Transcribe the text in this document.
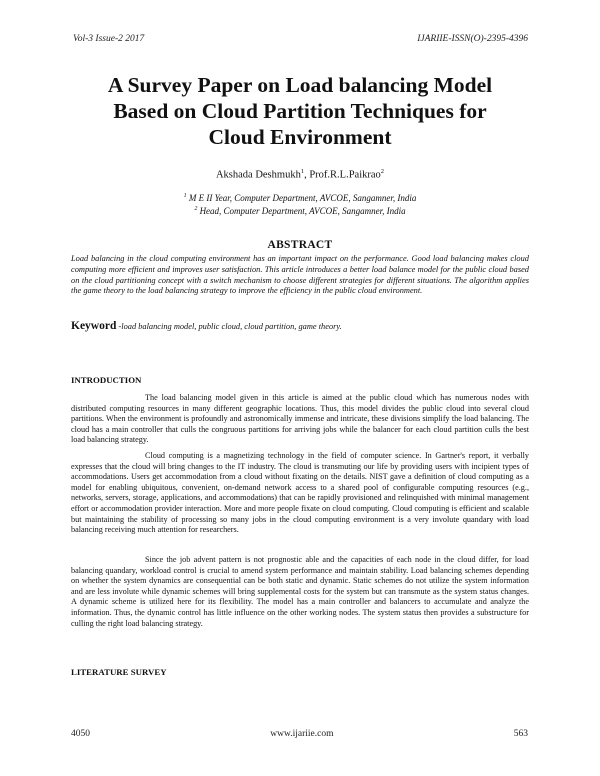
Vol-3 Issue-2 2017	IJARIIE-ISSN(O)-2395-4396
A Survey Paper on Load balancing Model
Based on Cloud Partition Techniques for
Cloud Environment
Akshada Deshmukh$^1$, Prof.R.L.Paikrao$^2$
$^1$ M E II Year, Computer Department, AVCOE, Sangamner, India
$^2$ Head, Computer Department, AVCOE, Sangamner, India
ABSTRACT
Load balancing in the cloud computing environment has an important impact on the performance. Good load balancing makes cloud computing more efficient and improves user satisfaction. This article introduces a better load balance model for the public cloud based on the cloud partitioning concept with a switch mechanism to choose different strategies for different situations. The algorithm applies the game theory to the load balancing strategy to improve the efficiency in the public cloud environment.
Keyword -load balancing model, public cloud, cloud partition, game theory.
INTRODUCTION
The load balancing model given in this article is aimed at the public cloud which has numerous nodes with distributed computing resources in many different geographic locations. Thus, this model divides the public cloud into several cloud partitions. When the environment is profoundly and astronomically immense and intricate, these divisions simplify the load balancing. The cloud has a main controller that culls the congruous partitions for arriving jobs while the balancer for each cloud partition culls the best load balancing strategy.
Cloud computing is a magnetizing technology in the field of computer science. In Gartner's report, it verbally expresses that the cloud will bring changes to the IT industry. The cloud is transmuting our life by providing users with incipient types of accommodations. Users get accommodation from a cloud without fixating on the details. NIST gave a definition of cloud computing as a model for enabling ubiquitous, convenient, on-demand network access to a shared pool of configurable computing resources (e.g., networks, servers, storage, applications, and accommodations) that can be rapidly provisioned and relinquished with minimal management effort or accommodation provider interaction. More and more people fixate on cloud computing. Cloud computing is efficient and scalable but maintaining the stability of processing so many jobs in the cloud computing environment is a very involute quandary with load balancing receiving much attention for researchers.
Since the job advent pattern is not prognostic able and the capacities of each node in the cloud differ, for load balancing quandary, workload control is crucial to amend system performance and maintain stability. Load balancing schemes depending on whether the system dynamics are consequential can be both static and dynamic. Static schemes do not utilize the system information and are less involute while dynamic schemes will bring supplemental costs for the system but can transmute as the system status changes. A dynamic scheme is utilized here for its flexibility. The model has a main controller and balancers to accumulate and analyze the information. Thus, the dynamic control has little influence on the other working nodes. The system status then provides a substructure for culling the right load balancing strategy.
LITERATURE SURVEY
4050	www.ijariie.com	563
